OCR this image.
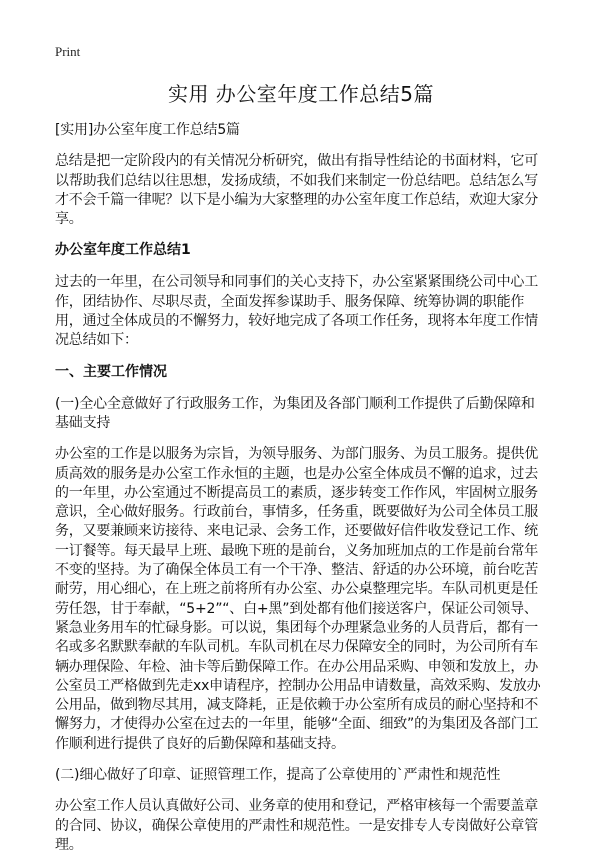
Print
实用 办公室年度工作总结5篇

[实用]办公室年度工作总结5篇

总结是把一定阶段内的有关情况分析研究，做出有指导性结论的书面材料，它可以帮助我们总结以往思想，发扬成绩，不如我们来制定一份总结吧。总结怎么写才不会千篇一律呢？以下是小编为大家整理的办公室年度工作总结，欢迎大家分享。

办公室年度工作总结1

过去的一年里，在公司领导和同事们的关心支持下，办公室紧紧围绕公司中心工作，团结协作、尽职尽责，全面发挥参谋助手、服务保障、统筹协调的职能作用，通过全体成员的不懈努力，较好地完成了各项工作任务，现将本年度工作情况总结如下：

一、主要工作情况

(一)全心全意做好了行政服务工作，为集团及各部门顺利工作提供了后勤保障和基础支持

办公室的工作是以服务为宗旨，为领导服务、为部门服务、为员工服务。提供优质高效的服务是办公室工作永恒的主题，也是办公室全体成员不懈的追求，过去的一年里，办公室通过不断提高员工的素质，逐步转变工作作风，牢固树立服务意识，全心做好服务。行政前台，事情多，任务重，既要做好为公司全体员工服务，又要兼顾来访接待、来电记录、会务工作，还要做好信件收发登记工作、统一订餐等。每天最早上班、最晚下班的是前台，义务加班加点的工作是前台常年不变的坚持。为了确保全体员工有一个干净、整洁、舒适的办公环境，前台吃苦耐劳，用心细心，在上班之前将所有办公室、办公桌整理完毕。车队司机更是任劳任怨，甘于奉献，“5+2”“、白+黑”到处都有他们接送客户，保证公司领导、紧急业务用车的忙碌身影。可以说，集团每个办理紧急业务的人员背后，都有一名或多名默默奉献的车队司机。车队司机在尽力保障安全的同时，为公司所有车辆办理保险、年检、油卡等后勤保障工作。在办公用品采购、申领和发放上，办公室员工严格做到先走xx申请程序，控制办公用品申请数量，高效采购、发放办公用品，做到物尽其用，减支降耗，正是依赖于办公室所有成员的耐心坚持和不懈努力，才使得办公室在过去的一年里，能够“全面、细致”的为集团及各部门工作顺利进行提供了良好的后勤保障和基础支持。

(二)细心做好了印章、证照管理工作，提高了公章使用的`严肃性和规范性

办公室工作人员认真做好公司、业务章的使用和登记，严格审核每一个需要盖章的合同、协议，确保公章使用的严肃性和规范性。一是安排专人专岗做好公章管理。
